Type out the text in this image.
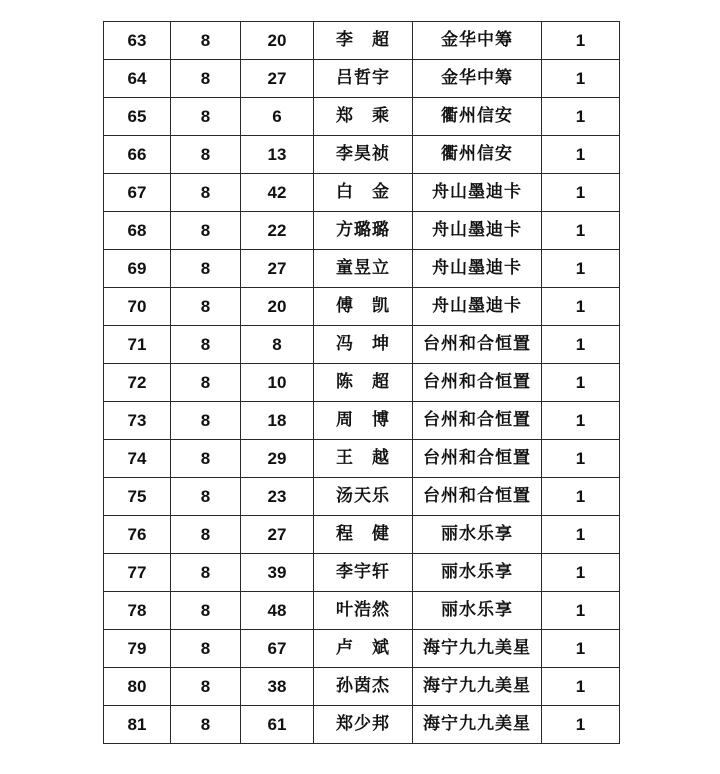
63	8	20	李　超	金华中筹	1
64	8	27	吕哲宇	金华中筹	1
65	8	6	郑　乘	衢州信安	1
66	8	13	李昊祯	衢州信安	1
67	8	42	白　金	舟山墨迪卡	1
68	8	22	方璐璐	舟山墨迪卡	1
69	8	27	童昱立	舟山墨迪卡	1
70	8	20	傅　凯	舟山墨迪卡	1
71	8	8	冯　坤	台州和合恒置	1
72	8	10	陈　超	台州和合恒置	1
73	8	18	周　博	台州和合恒置	1
74	8	29	王　越	台州和合恒置	1
75	8	23	汤天乐	台州和合恒置	1
76	8	27	程　健	丽水乐享	1
77	8	39	李宇轩	丽水乐享	1
78	8	48	叶浩然	丽水乐享	1
79	8	67	卢　斌	海宁九九美星	1
80	8	38	孙茵杰	海宁九九美星	1
81	8	61	郑少邦	海宁九九美星	1
